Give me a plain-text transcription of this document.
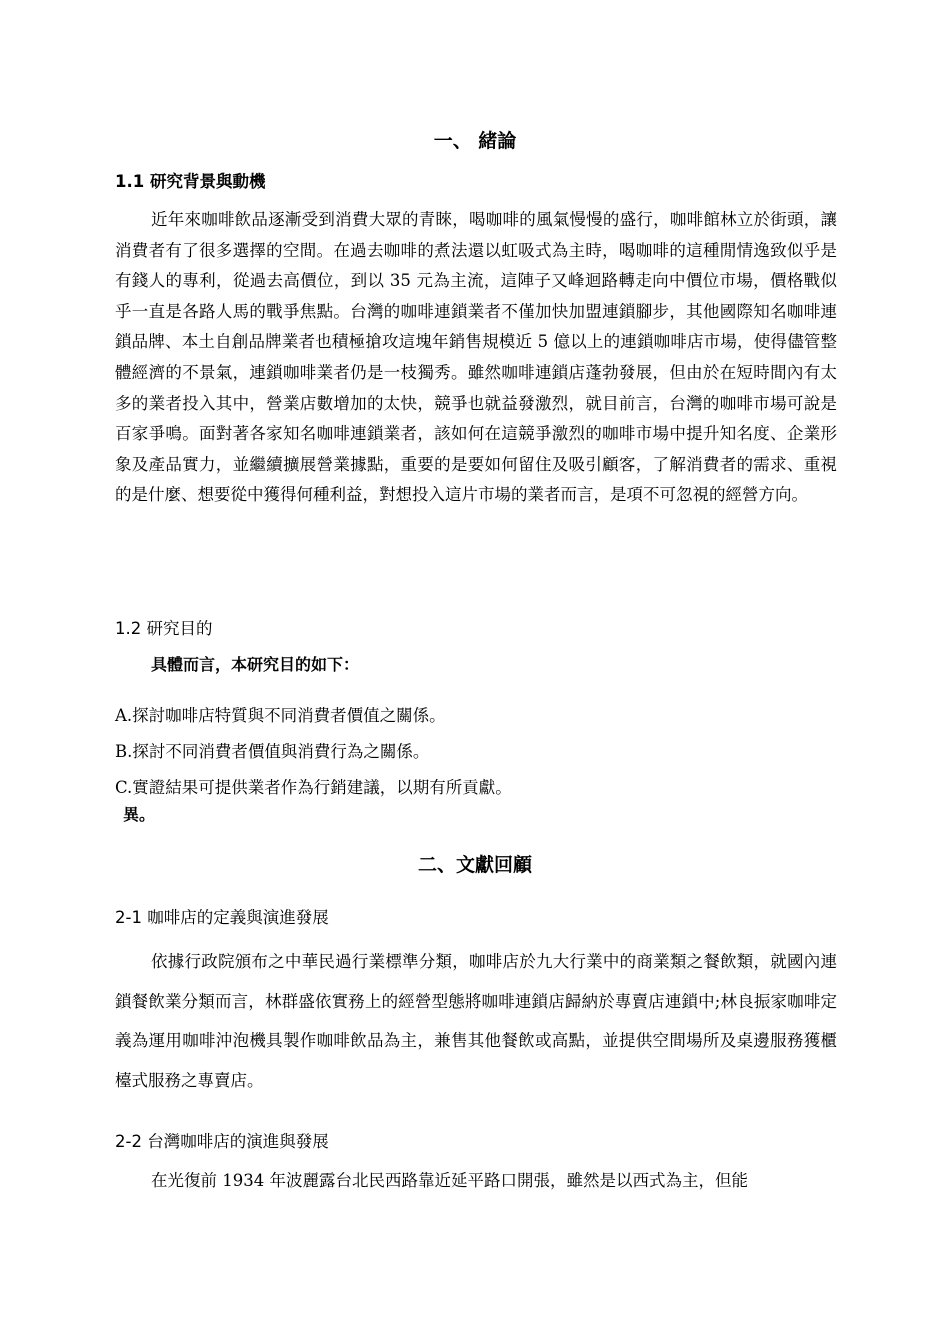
一、 緒論
1.1 研究背景與動機

近年來咖啡飲品逐漸受到消費大眾的青睞，喝咖啡的風氣慢慢的盛行，咖啡館林立於街頭，讓消費者有了很多選擇的空間。在過去咖啡的煮法還以虹吸式為主時，喝咖啡的這種閒情逸致似乎是有錢人的專利，從過去高價位，到以 35 元為主流，這陣子又峰迴路轉走向中價位市場，價格戰似乎一直是各路人馬的戰爭焦點。台灣的咖啡連鎖業者不僅加快加盟連鎖腳步，其他國際知名咖啡連鎖品牌、本土自創品牌業者也積極搶攻這塊年銷售規模近 5 億以上的連鎖咖啡店市場，使得儘管整體經濟的不景氣，連鎖咖啡業者仍是一枝獨秀。雖然咖啡連鎖店蓬勃發展，但由於在短時間內有太多的業者投入其中，營業店數增加的太快，競爭也就益發激烈，就目前言，台灣的咖啡市場可說是百家爭鳴。面對著各家知名咖啡連鎖業者，該如何在這競爭激烈的咖啡市場中提升知名度、企業形象及產品實力，並繼續擴展營業據點，重要的是要如何留住及吸引顧客，了解消費者的需求、重視的是什麼、想要從中獲得何種利益，對想投入這片市場的業者而言，是項不可忽視的經營方向。

1.2 研究目的

具體而言，本研究目的如下：

A.探討咖啡店特質與不同消費者價值之關係。

B.探討不同消費者價值與消費行為之關係。

C.實證結果可提供業者作為行銷建議，以期有所貢獻。

異。

二、文獻回顧
2-1 咖啡店的定義與演進發展

依據行政院頒布之中華民過行業標準分類，咖啡店於九大行業中的商業類之餐飲類，就國內連鎖餐飲業分類而言，林群盛依實務上的經營型態將咖啡連鎖店歸納於專賣店連鎖中;林良振家咖啡定義為運用咖啡沖泡機具製作咖啡飲品為主，兼售其他餐飲或高點，並提供空間場所及桌邊服務獲櫃檯式服務之專賣店。

2-2 台灣咖啡店的演進與發展

在光復前 1934 年波麗露台北民西路靠近延平路口開張，雖然是以西式為主，但能
